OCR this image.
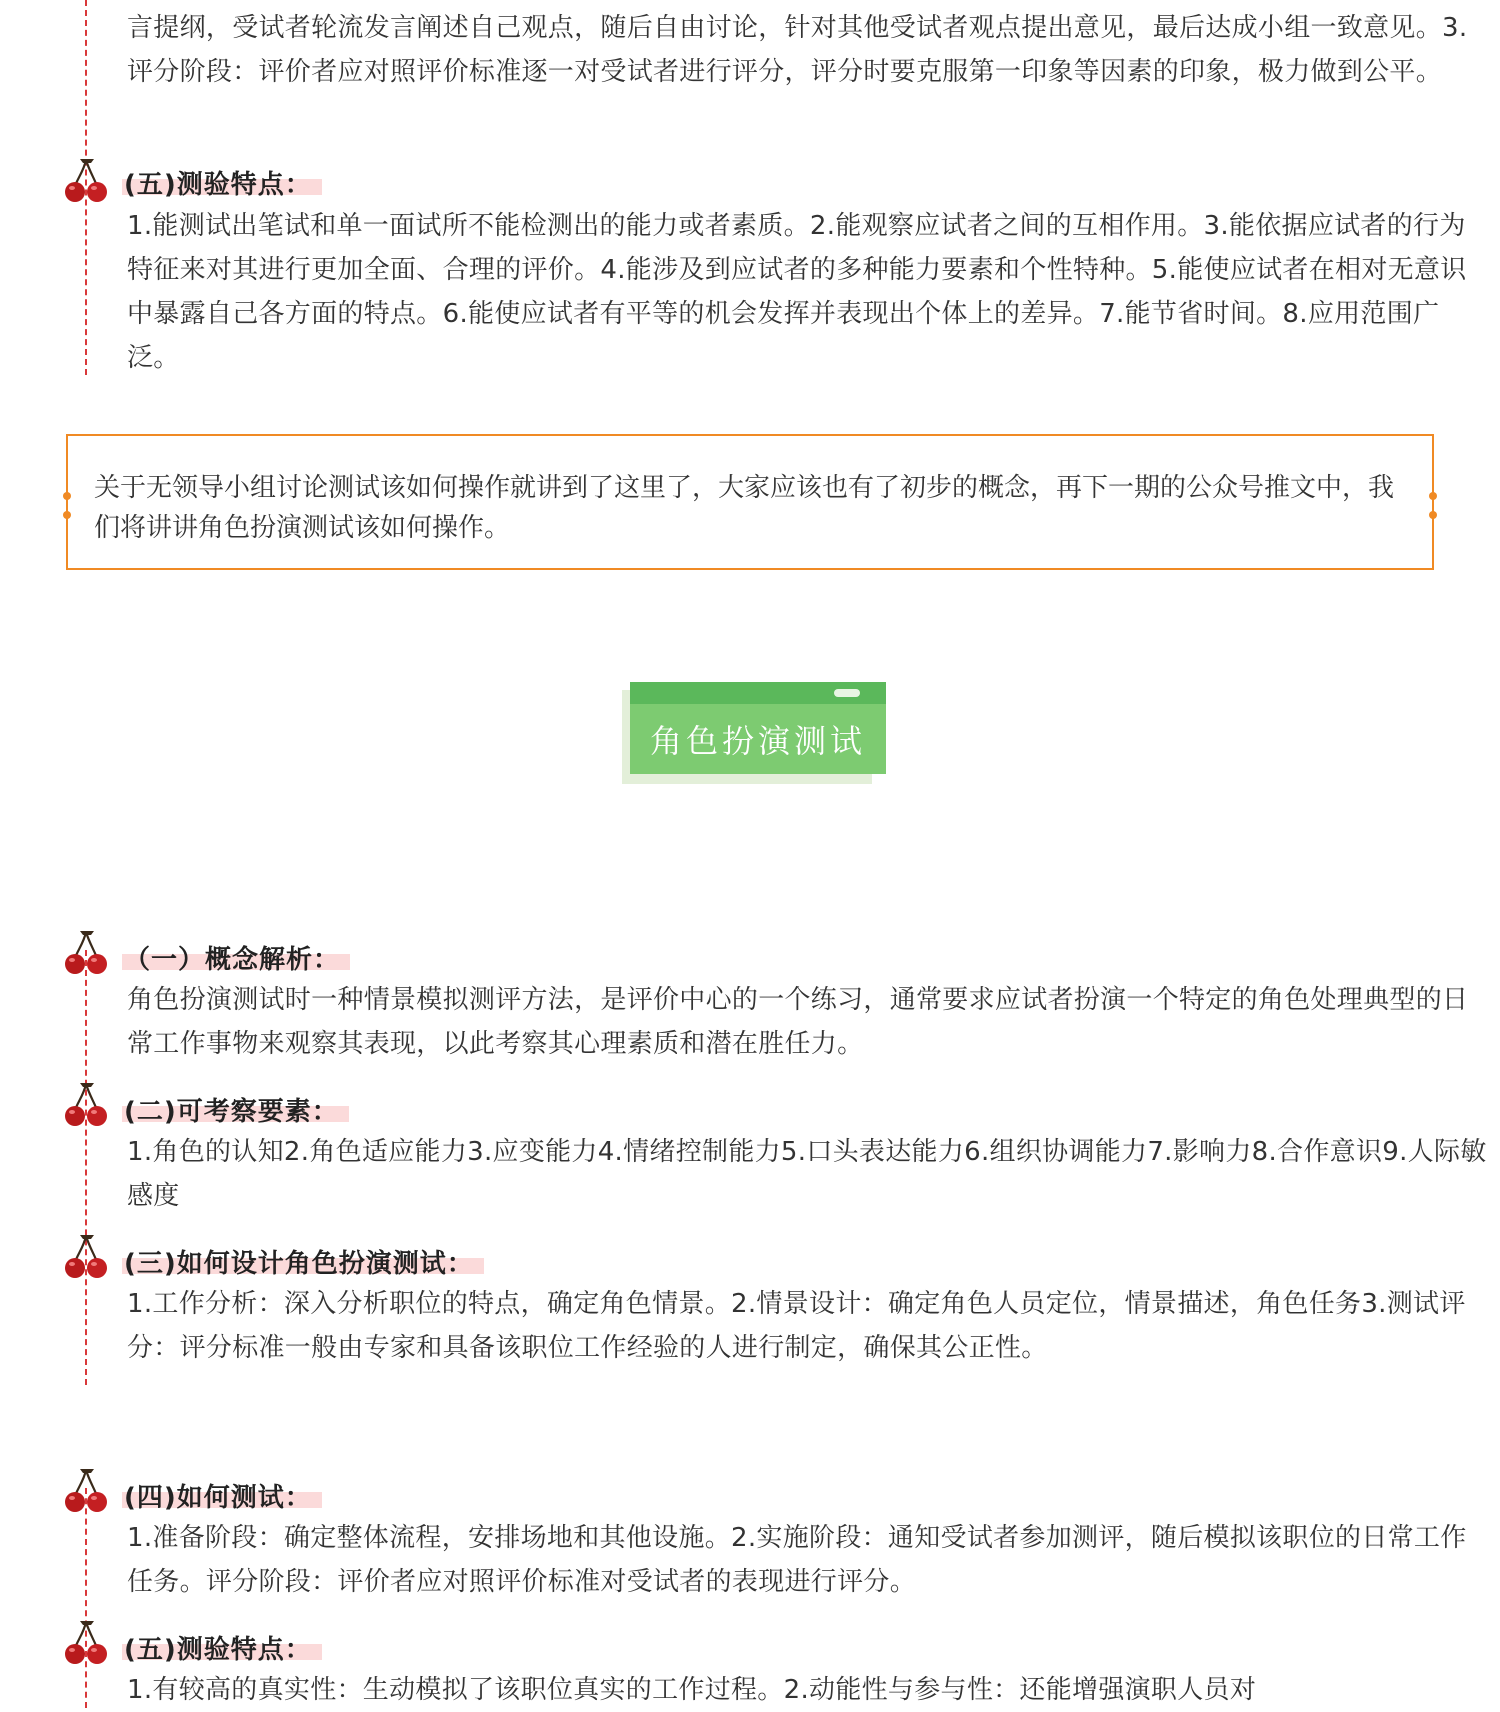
言提纲，受试者轮流发言阐述自己观点，随后自由讨论，针对其他受试者观点提出意见，最后达成小组一致意见。3.评分阶段：评价者应对照评价标准逐一对受试者进行评分，评分时要克服第一印象等因素的印象，极力做到公平。
(五)测验特点：
1.能测试出笔试和单一面试所不能检测出的能力或者素质。2.能观察应试者之间的互相作用。3.能依据应试者的行为特征来对其进行更加全面、合理的评价。4.能涉及到应试者的多种能力要素和个性特种。5.能使应试者在相对无意识中暴露自己各方面的特点。6.能使应试者有平等的机会发挥并表现出个体上的差异。7.能节省时间。8.应用范围广泛。
关于无领导小组讨论测试该如何操作就讲到了这里了，大家应该也有了初步的概念，再下一期的公众号推文中，我们将讲讲角色扮演测试该如何操作。
角色扮演测试
（一）概念解析：
角色扮演测试时一种情景模拟测评方法，是评价中心的一个练习，通常要求应试者扮演一个特定的角色处理典型的日常工作事物来观察其表现，以此考察其心理素质和潜在胜任力。
(二)可考察要素：
1.角色的认知2.角色适应能力3.应变能力4.情绪控制能力5.口头表达能力6.组织协调能力7.影响力8.合作意识9.人际敏感度
(三)如何设计角色扮演测试：
1.工作分析：深入分析职位的特点，确定角色情景。2.情景设计：确定角色人员定位，情景描述，角色任务3.测试评分：评分标准一般由专家和具备该职位工作经验的人进行制定，确保其公正性。
(四)如何测试：
1.准备阶段：确定整体流程，安排场地和其他设施。2.实施阶段：通知受试者参加测评，随后模拟该职位的日常工作任务。评分阶段：评价者应对照评价标准对受试者的表现进行评分。
(五)测验特点：
1.有较高的真实性：生动模拟了该职位真实的工作过程。2.动能性与参与性：还能增强演职人员对
